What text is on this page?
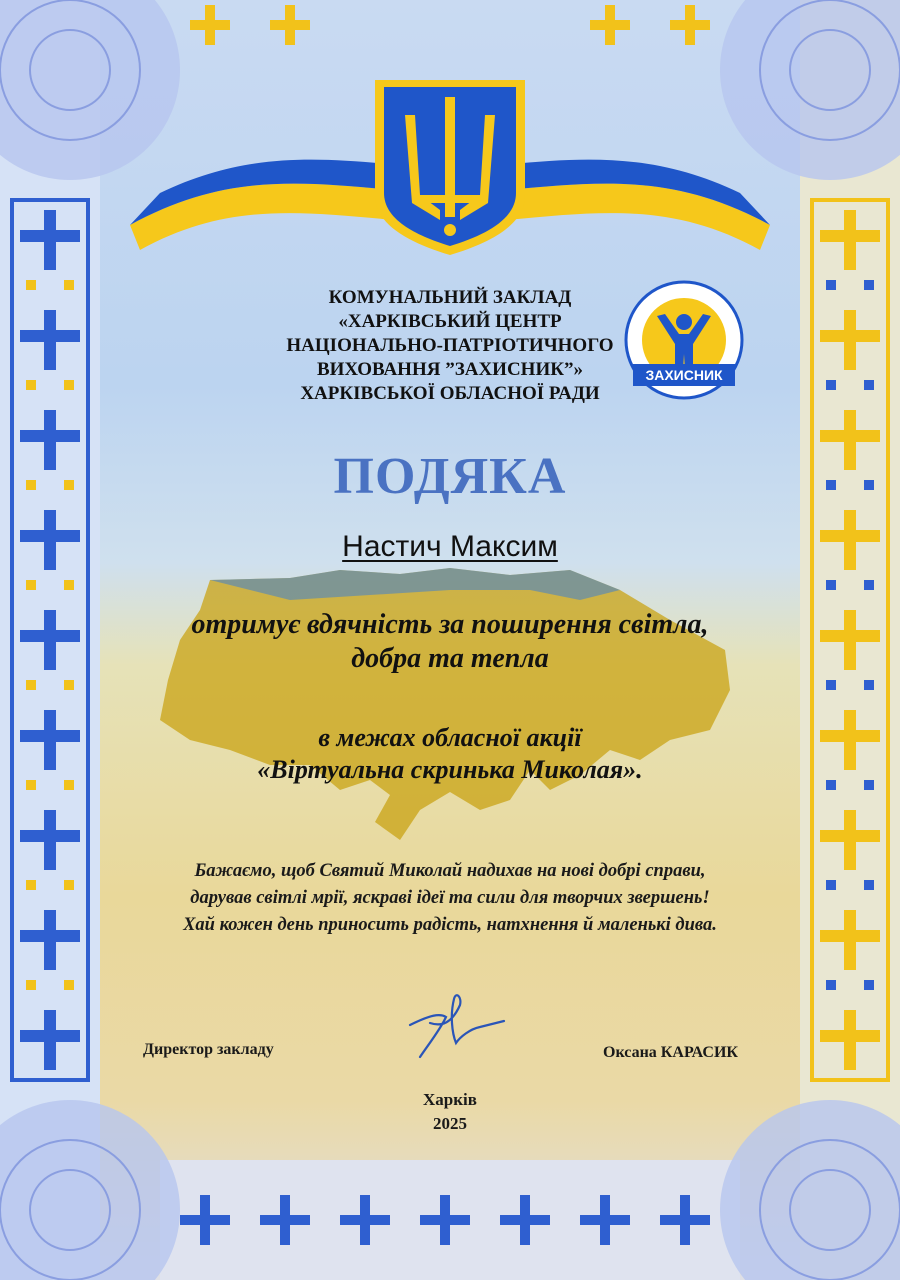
КОМУНАЛЬНИЙ ЗАКЛАД
«ХАРКІВСЬКИЙ ЦЕНТР
НАЦІОНАЛЬНО-ПАТРІОТИЧНОГО
ВИХОВАННЯ ”ЗАХИСНИК”»
ХАРКІВСЬКОЇ ОБЛАСНОЇ РАДИ
ЗАХИСНИК
ПОДЯКА
Настич Максим
отримує вдячність за поширення світла,
добра та тепла
в межах обласної акції
«Віртуальна скринька Миколая».
Бажаємо, щоб Святий Миколай надихав на нові добрі справи,
дарував світлі мрії, яскраві ідеї та сили для творчих звершень!
Хай кожен день приносить радість, натхнення й маленькі дива.
Директор закладу	Оксана КАРАСИК
Харків
2025
